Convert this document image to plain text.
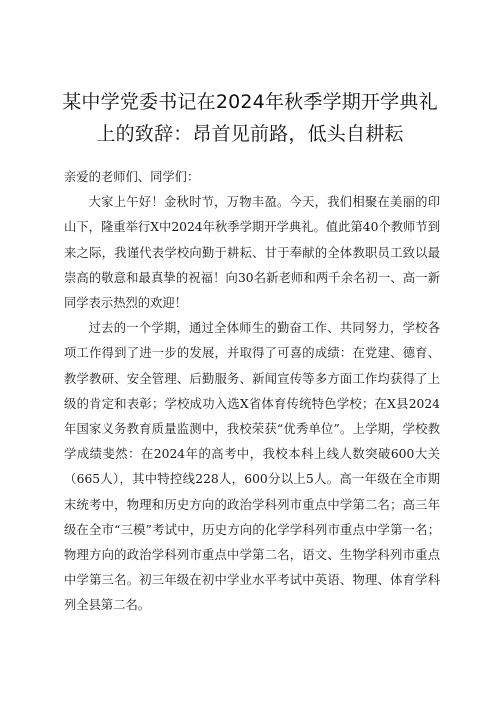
某中学党委书记在2024年秋季学期开学典礼
上的致辞：昂首见前路，低头自耕耘

亲爱的老师们、同学们：

大家上午好！金秋时节，万物丰盈。今天，我们相聚在美丽的印山下，隆重举行X中2024年秋季学期开学典礼。值此第40个教师节到来之际，我谨代表学校向勤于耕耘、甘于奉献的全体教职员工致以最崇高的敬意和最真挚的祝福！向30名新老师和两千余名初一、高一新同学表示热烈的欢迎！

过去的一个学期，通过全体师生的勤奋工作、共同努力，学校各项工作得到了进一步的发展，并取得了可喜的成绩：在党建、德育、教学教研、安全管理、后勤服务、新闻宣传等多方面工作均获得了上级的肯定和表彰；学校成功入选X省体育传统特色学校；在X县2024年国家义务教育质量监测中，我校荣获“优秀单位”。上学期，学校教学成绩斐然：在2024年的高考中，我校本科上线人数突破600大关（665人），其中特控线228人，600分以上5人。高一年级在全市期末统考中，物理和历史方向的政治学科列市重点中学第二名；高三年级在全市“三模”考试中，历史方向的化学学科列市重点中学第一名；物理方向的政治学科列市重点中学第二名，语文、生物学科列市重点中学第三名。初三年级在初中学业水平考试中英语、物理、体育学科列全县第二名。
